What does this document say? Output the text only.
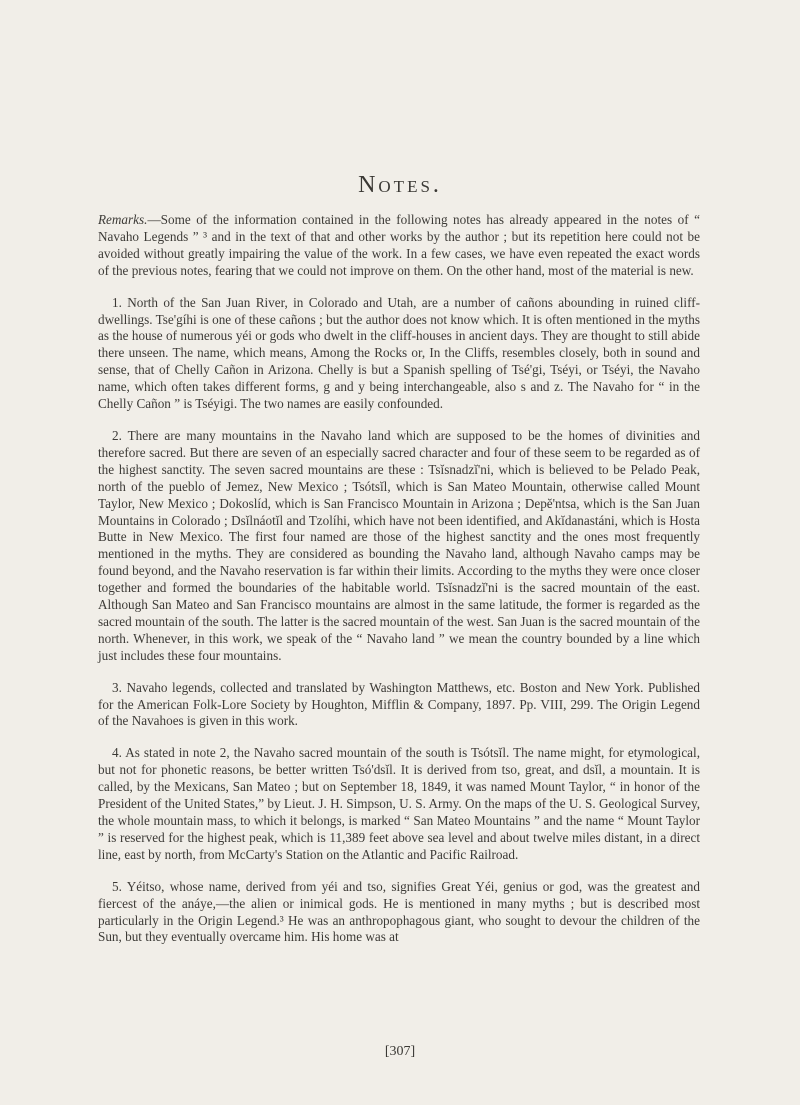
Notes.

Remarks.—Some of the information contained in the following notes has already appeared in the notes of “ Navaho Legends ” ³ and in the text of that and other works by the author ; but its repetition here could not be avoided without greatly impairing the value of the work. In a few cases, we have even repeated the exact words of the previous notes, fearing that we could not improve on them. On the other hand, most of the material is new.

1. North of the San Juan River, in Colorado and Utah, are a number of cañons abounding in ruined cliff-dwellings. Tse'gíhi is one of these cañons ; but the author does not know which. It is often mentioned in the myths as the house of numerous yéi or gods who dwelt in the cliff-houses in ancient days. They are thought to still abide there unseen. The name, which means, Among the Rocks or, In the Cliffs, resembles closely, both in sound and sense, that of Chelly Cañon in Arizona. Chelly is but a Spanish spelling of Tsé'gi, Tséyi, or Tséyi, the Navaho name, which often takes different forms, g and y being interchangeable, also s and z. The Navaho for “ in the Chelly Cañon ” is Tséyigi. The two names are easily confounded.

2. There are many mountains in the Navaho land which are supposed to be the homes of divinities and therefore sacred. But there are seven of an especially sacred character and four of these seem to be regarded as of the highest sanctity. The seven sacred mountains are these : Tsĭsnadzĭ'ni, which is believed to be Pelado Peak, north of the pueblo of Jemez, New Mexico ; Tsótsĭl, which is San Mateo Mountain, otherwise called Mount Taylor, New Mexico ; Dokoslíd, which is San Francisco Mountain in Arizona ; Depĕ'ntsa, which is the San Juan Mountains in Colorado ; Dsĭlnáotĭl and Tzolíhi, which have not been identified, and Akĭdanastáni, which is Hosta Butte in New Mexico. The first four named are those of the highest sanctity and the ones most frequently mentioned in the myths. They are considered as bounding the Navaho land, although Navaho camps may be found beyond, and the Navaho reservation is far within their limits. According to the myths they were once closer together and formed the boundaries of the habitable world. Tsĭsnadzĭ'ni is the sacred mountain of the east. Although San Mateo and San Francisco mountains are almost in the same latitude, the former is regarded as the sacred mountain of the south. The latter is the sacred mountain of the west. San Juan is the sacred mountain of the north. Whenever, in this work, we speak of the “ Navaho land ” we mean the country bounded by a line which just includes these four mountains.

3. Navaho legends, collected and translated by Washington Matthews, etc. Boston and New York. Published for the American Folk-Lore Society by Houghton, Mifflin & Company, 1897. Pp. VIII, 299. The Origin Legend of the Navahoes is given in this work.

4. As stated in note 2, the Navaho sacred mountain of the south is Tsótsĭl. The name might, for etymological, but not for phonetic reasons, be better written Tsó'dsĭl. It is derived from tso, great, and dsĭl, a mountain. It is called, by the Mexicans, San Mateo ; but on September 18, 1849, it was named Mount Taylor, “ in honor of the President of the United States,” by Lieut. J. H. Simpson, U. S. Army. On the maps of the U. S. Geological Survey, the whole mountain mass, to which it belongs, is marked “ San Mateo Mountains ” and the name “ Mount Taylor ” is reserved for the highest peak, which is 11,389 feet above sea level and about twelve miles distant, in a direct line, east by north, from McCarty's Station on the Atlantic and Pacific Railroad.

5. Yéitso, whose name, derived from yéi and tso, signifies Great Yéi, genius or god, was the greatest and fiercest of the anáye,—the alien or inimical gods. He is mentioned in many myths ; but is described most particularly in the Origin Legend.³ He was an anthropophagous giant, who sought to devour the children of the Sun, but they eventually overcame him. His home was at

[307]
